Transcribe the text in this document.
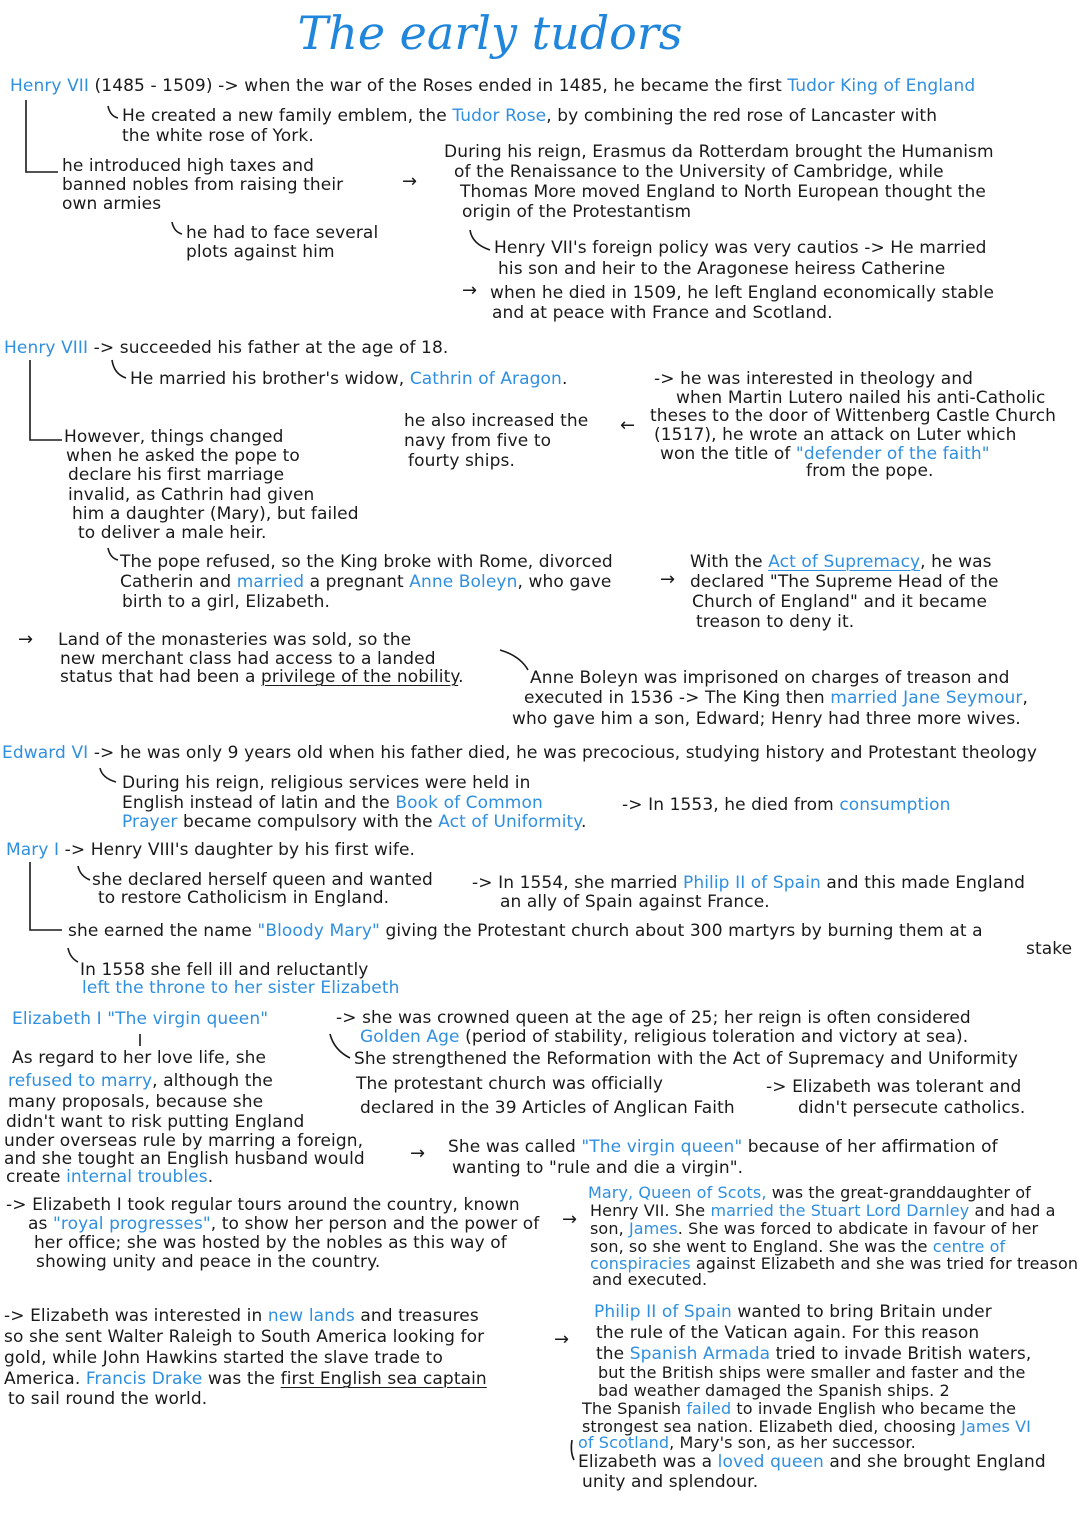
The early tudors
Henry VII (1485 - 1509) -> when the war of the Roses ended in 1485, he became the first Tudor King of England
He created a new family emblem, the Tudor Rose, by combining the red rose of Lancaster with
the white rose of York.
he introduced high taxes and
banned nobles from raising their
own armies
→
he had to face several
plots against him
During his reign, Erasmus da Rotterdam brought the Humanism
of the Renaissance to the University of Cambridge, while
Thomas More moved England to North European thought the
origin of the Protestantism
Henry VII's foreign policy was very cautios -> He married
his son and heir to the Aragonese heiress Catherine
→ when he died in 1509, he left England economically stable
and at peace with France and Scotland.
Henry VIII -> succeeded his father at the age of 18.
He married his brother's widow, Cathrin of Aragon.	-> he was interested in theology and
when Martin Lutero nailed his anti-Catholic
theses to the door of Wittenberg Castle Church
(1517), he wrote an attack on Luter which
won the title of "defender of the faith"
from the pope.
he also increased the
navy from five to
fourty ships.
←
However, things changed
when he asked the pope to
declare his first marriage
invalid, as Cathrin had given
him a daughter (Mary), but failed
to deliver a male heir.
The pope refused, so the King broke with Rome, divorced
Catherin and married a pregnant Anne Boleyn, who gave
birth to a girl, Elizabeth.
→
With the Act of Supremacy, he was
declared "The Supreme Head of the
Church of England" and it became
treason to deny it.
→ Land of the monasteries was sold, so the
new merchant class had access to a landed
status that had been a privilege of the nobility.	Anne Boleyn was imprisoned on charges of treason and
executed in 1536 -> The King then married Jane Seymour,
who gave him a son, Edward; Henry had three more wives.
Edward VI -> he was only 9 years old when his father died, he was precocious, studying history and Protestant theology
During his reign, religious services were held in
English instead of latin and the Book of Common
Prayer became compulsory with the Act of Uniformity.
-> In 1553, he died from consumption
Mary I -> Henry VIII's daughter by his first wife.
she declared herself queen and wanted
to restore Catholicism in England.
-> In 1554, she married Philip II of Spain and this made England
an ally of Spain against France.
she earned the name "Bloody Mary" giving the Protestant church about 300 martyrs by burning them at a
stake
In 1558 she fell ill and reluctantly
left the throne to her sister Elizabeth
Elizabeth I "The virgin queen"	-> she was crowned queen at the age of 25; her reign is often considered
Golden Age (period of stability, religious toleration and victory at sea).
She strengthened the Reformation with the Act of Supremacy and Uniformity
The protestant church was officially
declared in the 39 Articles of Anglican Faith
-> Elizabeth was tolerant and
didn't persecute catholics.
As regard to her love life, she
refused to marry, although the
many proposals, because she
didn't want to risk putting England
under overseas rule by marring a foreign,
and she tought an English husband would
create internal troubles.
→ She was called "The virgin queen" because of her affirmation of
wanting to "rule and die a virgin".
-> Elizabeth I took regular tours around the country, known
as "royal progresses", to show her person and the power of
her office; she was hosted by the nobles as this way of
showing unity and peace in the country.
→
Mary, Queen of Scots, was the great-granddaughter of
Henry VII. She married the Stuart Lord Darnley and had a
son, James. She was forced to abdicate in favour of her
son, so she went to England. She was the centre of
conspiracies against Elizabeth and she was tried for treason
and executed.
-> Elizabeth was interested in new lands and treasures
so she sent Walter Raleigh to South America looking for
gold, while John Hawkins started the slave trade to
America. Francis Drake was the first English sea captain
to sail round the world.
→
Philip II of Spain wanted to bring Britain under
the rule of the Vatican again. For this reason
the Spanish Armada tried to invade British waters,
but the British ships were smaller and faster and the
bad weather damaged the Spanish ships. 2
The Spanish failed to invade English who became the
strongest sea nation. Elizabeth died, choosing James VI
of Scotland, Mary's son, as her successor.
Elizabeth was a loved queen and she brought England
unity and splendour.
